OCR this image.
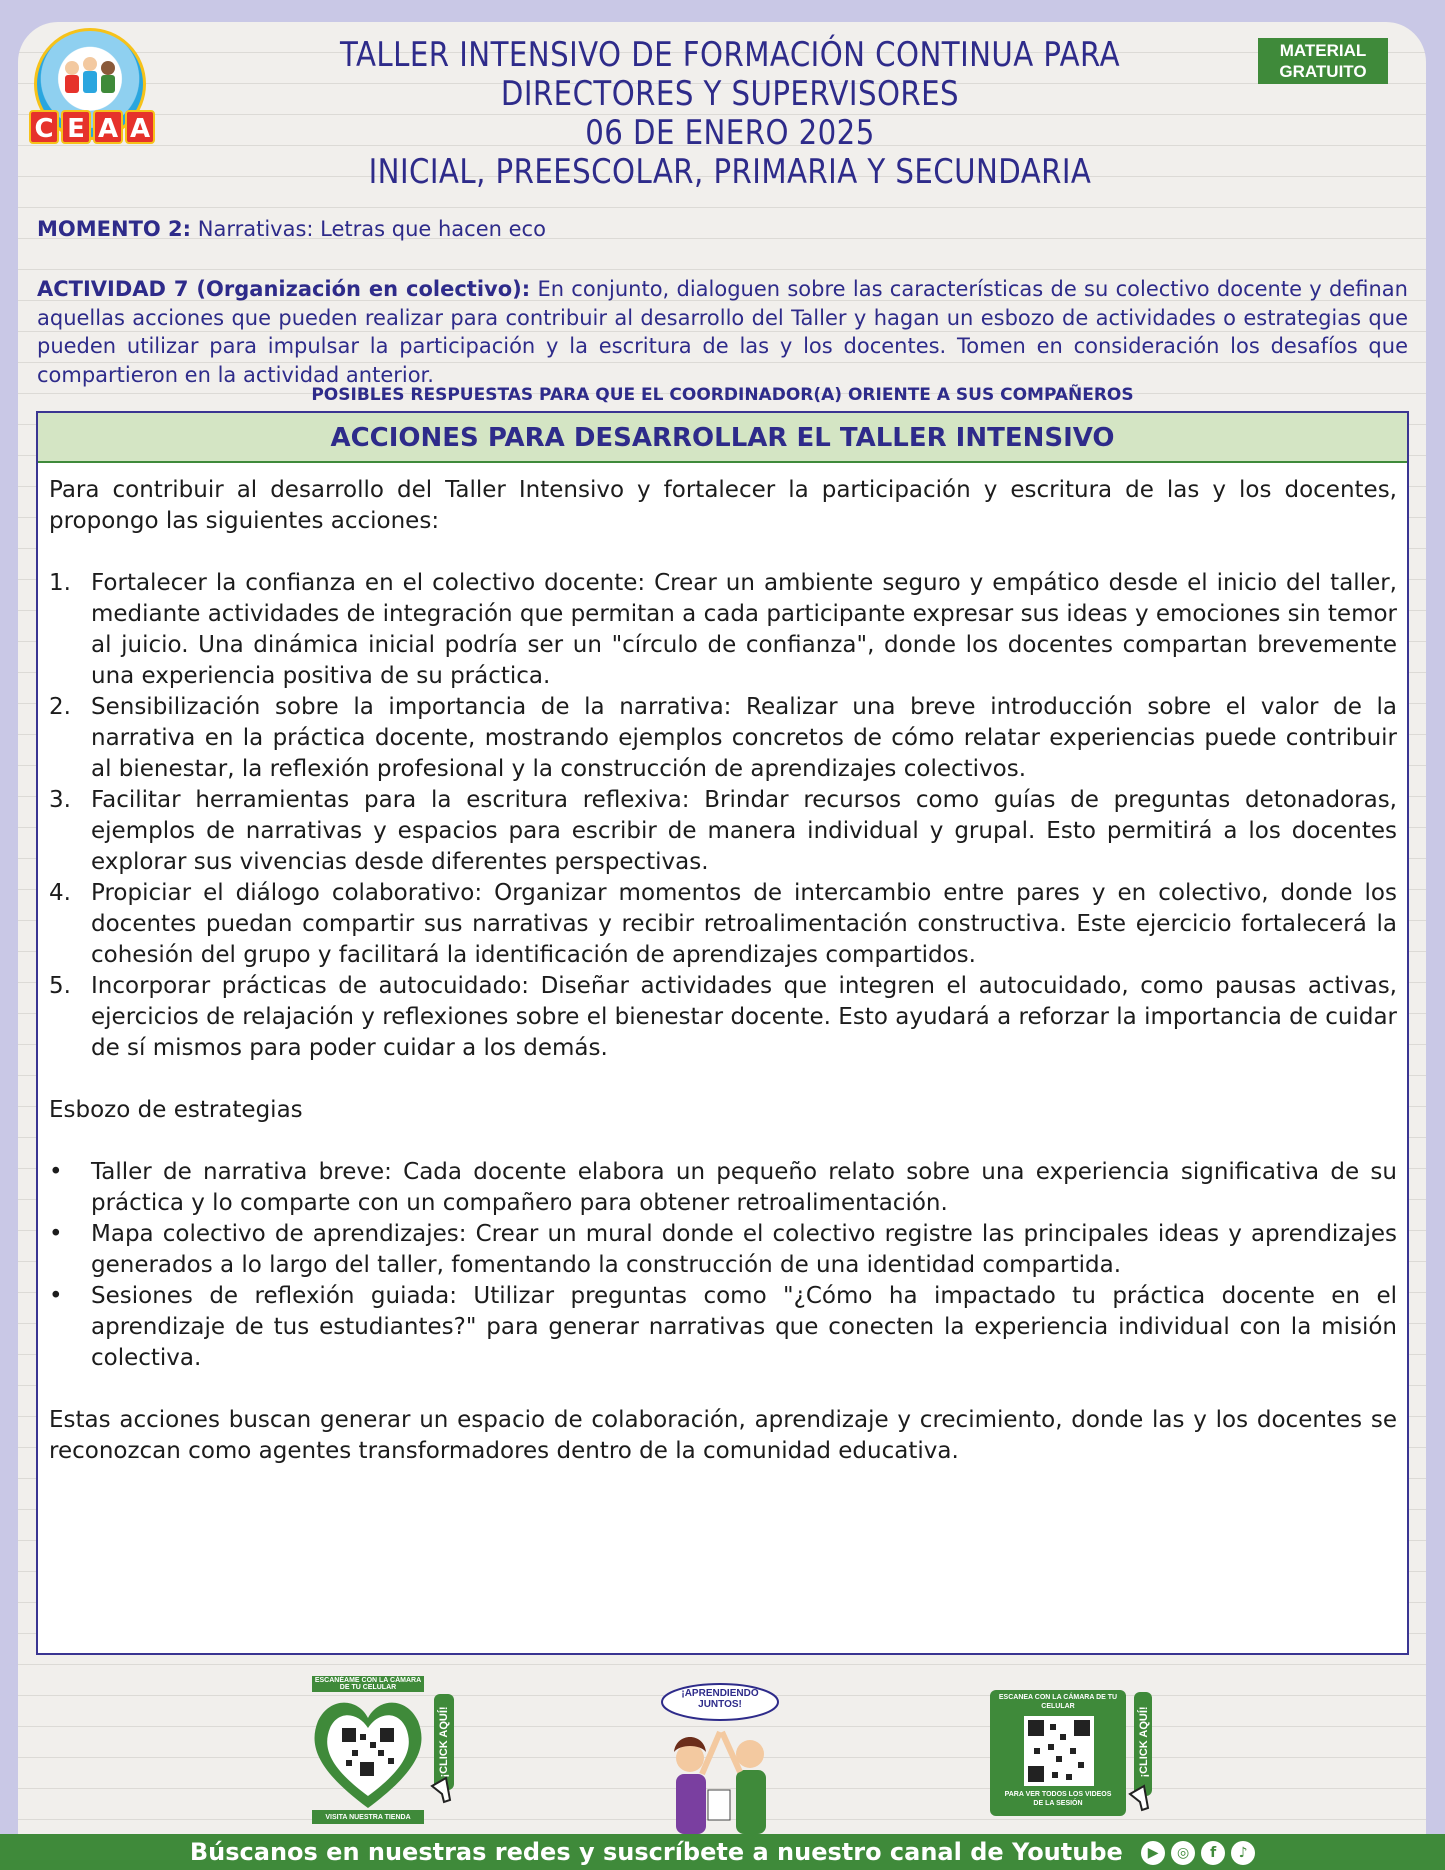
C E A A
TALLER INTENSIVO DE FORMACIÓN CONTINUA PARA DIRECTORES Y SUPERVISORES
06 DE ENERO 2025
INICIAL, PREESCOLAR, PRIMARIA Y SECUNDARIA
MATERIAL
GRATUITO
MOMENTO 2: Narrativas: Letras que hacen eco
ACTIVIDAD 7 (Organización en colectivo): En conjunto, dialoguen sobre las características de su colectivo docente y definan aquellas acciones que pueden realizar para contribuir al desarrollo del Taller y hagan un esbozo de actividades o estrategias que pueden utilizar para impulsar la participación y la escritura de las y los docentes. Tomen en consideración los desafíos que compartieron en la actividad anterior.
POSIBLES RESPUESTAS PARA QUE EL COORDINADOR(A) ORIENTE A SUS COMPAÑEROS
ACCIONES PARA DESARROLLAR EL TALLER INTENSIVO

Para contribuir al desarrollo del Taller Intensivo y fortalecer la participación y escritura de las y los docentes, propongo las siguientes acciones:

1. Fortalecer la confianza en el colectivo docente: Crear un ambiente seguro y empático desde el inicio del taller, mediante actividades de integración que permitan a cada participante expresar sus ideas y emociones sin temor al juicio. Una dinámica inicial podría ser un "círculo de confianza", donde los docentes compartan brevemente una experiencia positiva de su práctica.
2. Sensibilización sobre la importancia de la narrativa: Realizar una breve introducción sobre el valor de la narrativa en la práctica docente, mostrando ejemplos concretos de cómo relatar experiencias puede contribuir al bienestar, la reflexión profesional y la construcción de aprendizajes colectivos.
3. Facilitar herramientas para la escritura reflexiva: Brindar recursos como guías de preguntas detonadoras, ejemplos de narrativas y espacios para escribir de manera individual y grupal. Esto permitirá a los docentes explorar sus vivencias desde diferentes perspectivas.
4. Propiciar el diálogo colaborativo: Organizar momentos de intercambio entre pares y en colectivo, donde los docentes puedan compartir sus narrativas y recibir retroalimentación constructiva. Este ejercicio fortalecerá la cohesión del grupo y facilitará la identificación de aprendizajes compartidos.
5. Incorporar prácticas de autocuidado: Diseñar actividades que integren el autocuidado, como pausas activas, ejercicios de relajación y reflexiones sobre el bienestar docente. Esto ayudará a reforzar la importancia de cuidar de sí mismos para poder cuidar a los demás.

Esbozo de estrategias

•	Taller de narrativa breve: Cada docente elabora un pequeño relato sobre una experiencia significativa de su práctica y lo comparte con un compañero para obtener retroalimentación.
•	Mapa colectivo de aprendizajes: Crear un mural donde el colectivo registre las principales ideas y aprendizajes generados a lo largo del taller, fomentando la construcción de una identidad compartida.
•	Sesiones de reflexión guiada: Utilizar preguntas como "¿Cómo ha impactado tu práctica docente en el aprendizaje de tus estudiantes?" para generar narrativas que conecten la experiencia individual con la misión colectiva.

Estas acciones buscan generar un espacio de colaboración, aprendizaje y crecimiento, donde las y los docentes se reconozcan como agentes transformadores dentro de la comunidad educativa.

ESCANÉAME CON LA CÁMARA DE TU CELULAR
VISITA NUESTRA TIENDA
¡CLICK AQUÍ!
¡APRENDIENDO JUNTOS!
ESCANEA CON LA CÁMARA DE TU CELULAR
PARA VER TODOS LOS VIDEOS DE LA SESIÓN
¡CLICK AQUÍ!
Búscanos en nuestras redes y suscríbete a nuestro canal de Youtube	▶	◎	f	♪
